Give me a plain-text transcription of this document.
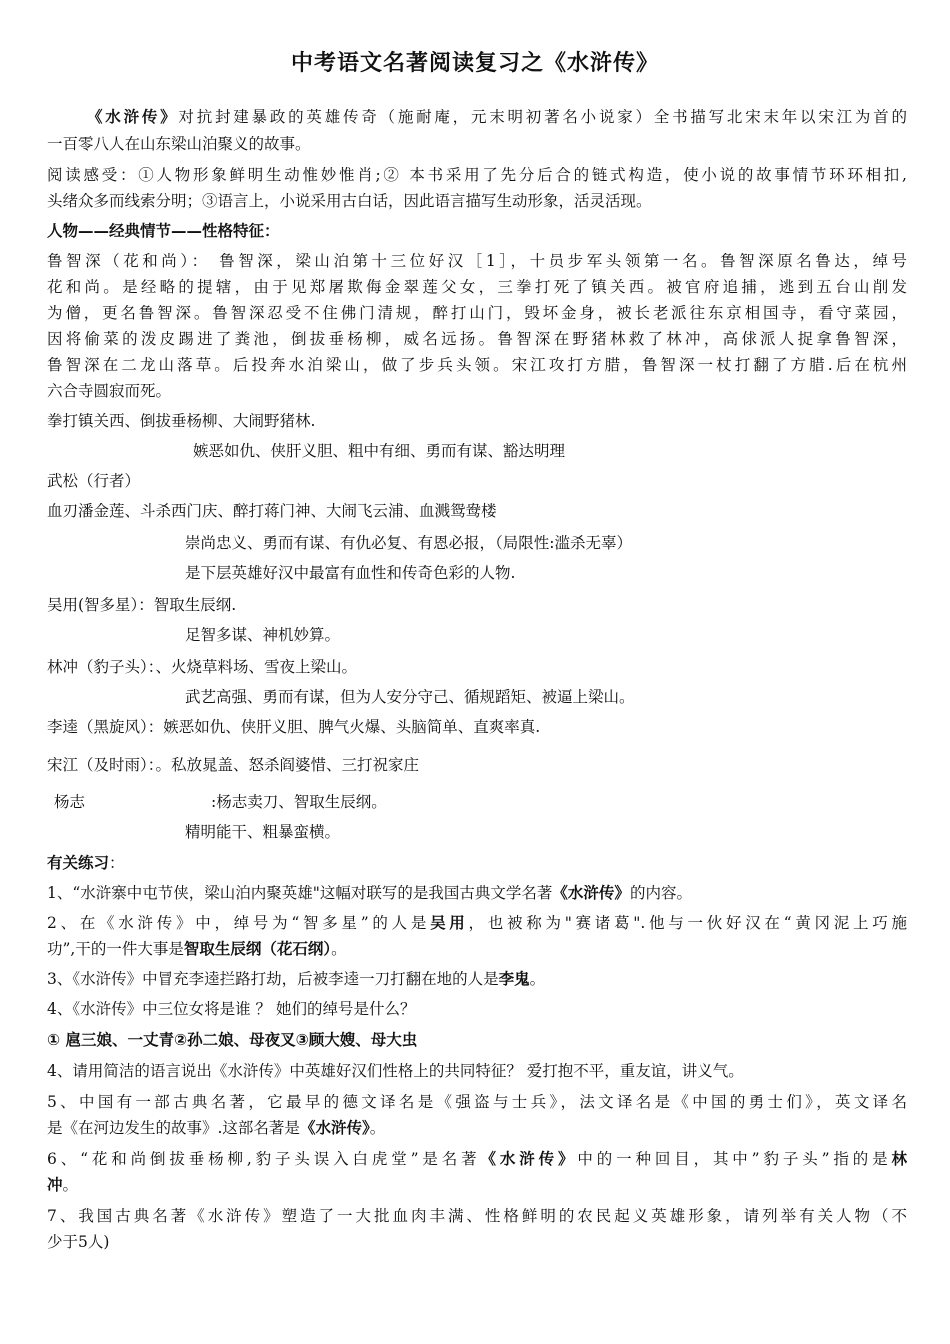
中考语文名著阅读复习之《水浒传》
《水浒传》对抗封建暴政的英雄传奇（施耐庵，元末明初著名小说家）全书描写北宋末年以宋江为首的
一百零八人在山东梁山泊聚义的故事。
阅读感受：①人物形象鲜明生动惟妙惟肖;② 本书采用了先分后合的链式构造，使小说的故事情节环环相扣,
头绪众多而线索分明；③语言上，小说采用古白话，因此语言描写生动形象，活灵活现。
人物——经典情节——性格特征：
鲁智深（花和尚）： 鲁智深，梁山泊第十三位好汉［1］，十员步军头领第一名。鲁智深原名鲁达，绰号
花和尚。是经略的提辖，由于见郑屠欺侮金翠莲父女，三拳打死了镇关西。被官府追捕，逃到五台山削发
为僧，更名鲁智深。鲁智深忍受不住佛门清规，醉打山门，毁坏金身，被长老派往东京相国寺，看守菜园，
因将偷菜的泼皮踢进了粪池，倒拔垂杨柳，威名远扬。鲁智深在野猪林救了林冲，高俅派人捉拿鲁智深，
鲁智深在二龙山落草。后投奔水泊梁山，做了步兵头领。宋江攻打方腊，鲁智深一杖打翻了方腊.后在杭州
六合寺圆寂而死。
拳打镇关西、倒拔垂杨柳、大闹野猪林.
嫉恶如仇、侠肝义胆、粗中有细、勇而有谋、豁达明理
武松（行者）
血刃潘金莲、斗杀西门庆、醉打蒋门神、大闹飞云浦、血溅鸳鸯楼
崇尚忠义、勇而有谋、有仇必复、有恩必报，（局限性:滥杀无辜）
是下层英雄好汉中最富有血性和传奇色彩的人物.
吴用(智多星）：智取生辰纲.
足智多谋、神机妙算。
林冲（豹子头）：、火烧草料场、雪夜上梁山。
武艺高强、勇而有谋，但为人安分守己、循规蹈矩、被逼上梁山。
李逵（黑旋风）：嫉恶如仇、侠肝义胆、脾气火爆、头脑简单、直爽率真.
宋江（及时雨）：。私放晁盖、怒杀阎婆惜、三打祝家庄
杨志	:杨志卖刀、智取生辰纲。
精明能干、粗暴蛮横。
有关练习：
1、“水浒寨中屯节侠，梁山泊内聚英雄"这幅对联写的是我国古典文学名著《水浒传》的内容。
2、在《水浒传》中，绰号为“智多星”的人是吴用，也被称为"赛诸葛".他与一伙好汉在“黄冈泥上巧施
功”,干的一件大事是智取生辰纲（花石纲）。
3、《水浒传》中冒充李逵拦路打劫，后被李逵一刀打翻在地的人是李鬼。
4、《水浒传》中三位女将是谁 ？ 她们的绰号是什么？
① 扈三娘、一丈青②孙二娘、母夜叉③顾大嫂、母大虫
4、请用简洁的语言说出《水浒传》中英雄好汉们性格上的共同特征？ 爱打抱不平，重友谊，讲义气。
5、中国有一部古典名著，它最早的德文译名是《强盗与士兵》，法文译名是《中国的勇士们》，英文译名
是《在河边发生的故事》.这部名著是《水浒传》。
6、“花和尚倒拔垂杨柳,豹子头误入白虎堂”是名著《水浒传》中的一种回目，其中”豹子头”指的是林
冲。
7、我国古典名著《水浒传》塑造了一大批血肉丰满、性格鲜明的农民起义英雄形象，请列举有关人物（不
少于5人)
